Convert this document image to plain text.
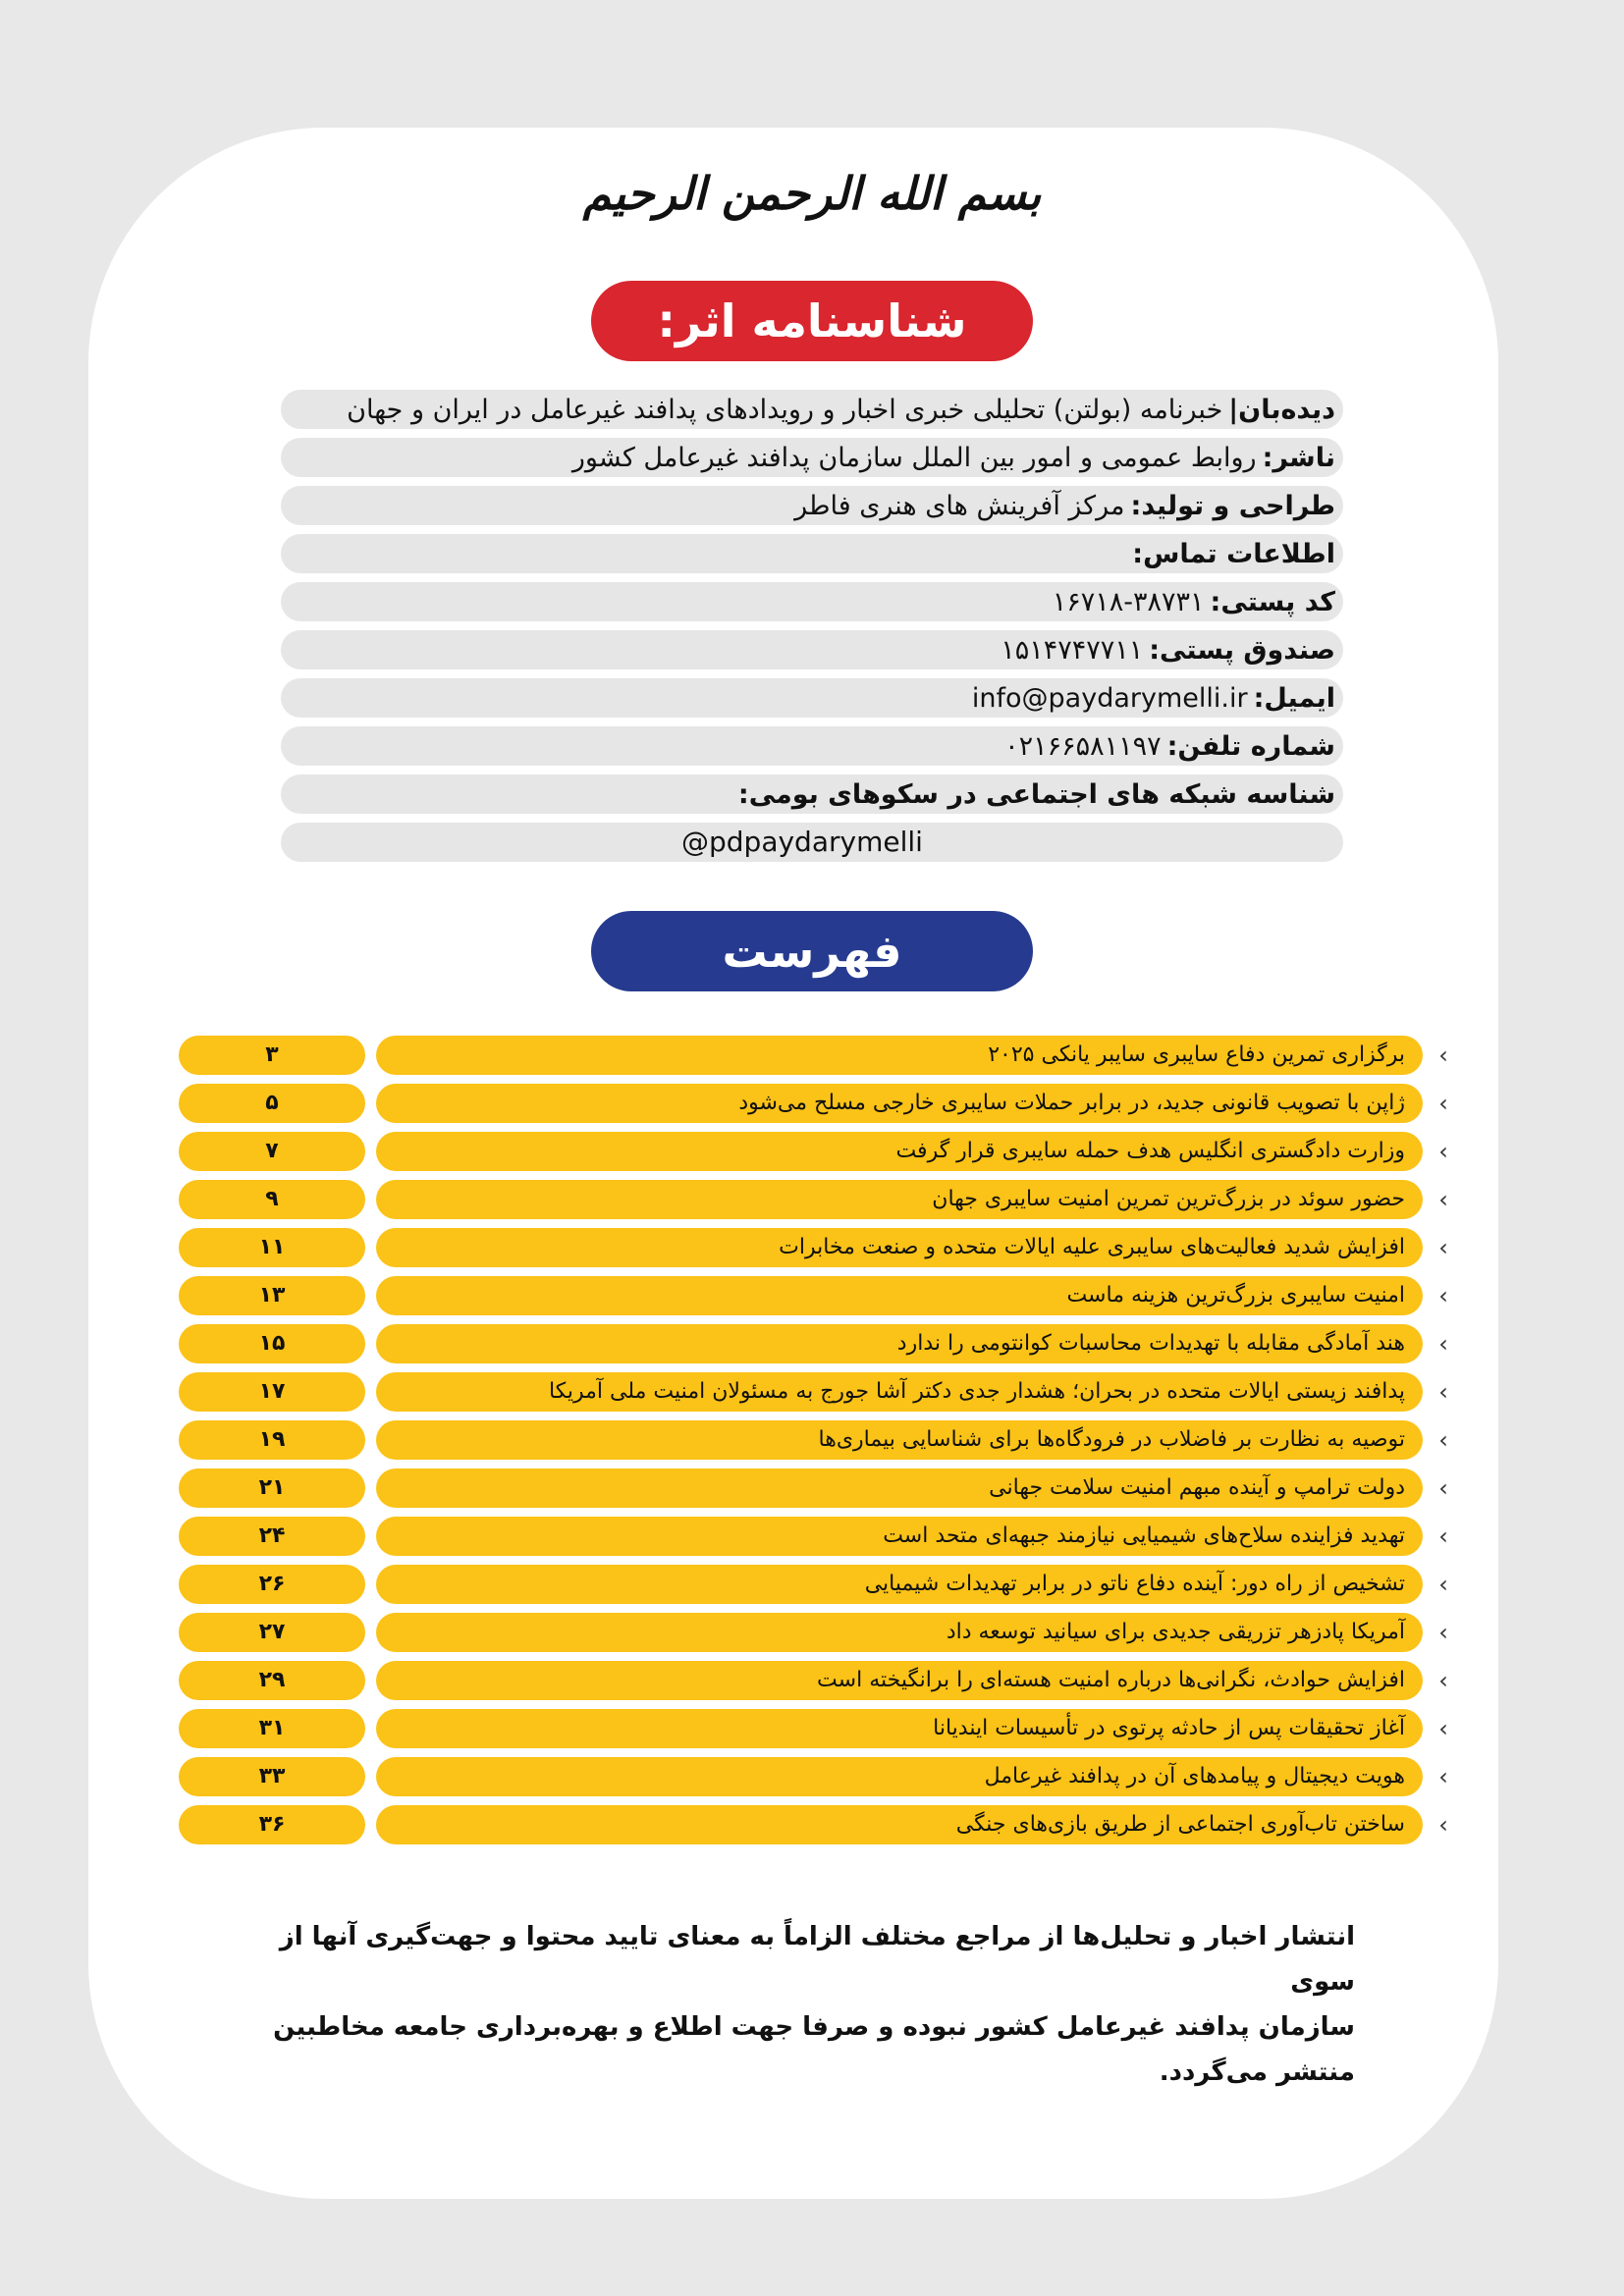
بسم الله الرحمن الرحیم
شناسنامه اثر:
دیده‌بان|
خبرنامه (بولتن) تحلیلی خبری اخبار و رویدادهای پدافند غیرعامل در ایران و جهان
ناشر:
روابط عمومی و امور بین الملل سازمان پدافند غیرعامل کشور
طراحی و تولید:
مرکز آفرینش های هنری فاطر
اطلاعات تماس:
کد پستی:
۱۶۷۱۸-۳۸۷۳۱
صندوق پستی:
۱۵۱۴۷۴۷۷۱۱
ایمیل:
info@paydarymelli.ir
شماره تلفن:
۰۲۱۶۶۵۸۱۱۹۷
شناسه شبکه های اجتماعی در سکوهای بومی:
@pdpaydarymelli
فهرست
›
برگزاری تمرین دفاع سایبری سایبر یانکی ۲۰۲۵
۳
›
ژاپن با تصویب قانونی جدید، در برابر حملات سایبری خارجی مسلح می‌شود
۵
›
وزارت دادگستری انگلیس هدف حمله سایبری قرار گرفت
۷
›
حضور سوئد در بزرگ‌ترین تمرین امنیت سایبری جهان
۹
›
افزایش شدید فعالیت‌های سایبری علیه ایالات متحده و صنعت مخابرات
۱۱
›
امنیت سایبری بزرگ‌ترین هزینه ماست
۱۳
›
هند آمادگی مقابله با تهدیدات محاسبات کوانتومی را ندارد
۱۵
›
پدافند زیستی ایالات متحده در بحران؛ هشدار جدی دکتر آشا جورج به مسئولان امنیت ملی آمریکا
۱۷
›
توصیه به نظارت بر فاضلاب در فرودگاه‌ها برای شناسایی بیماری‌ها
۱۹
›
دولت ترامپ و آینده مبهم امنیت سلامت جهانی
۲۱
›
تهدید فزاینده سلاح‌های شیمیایی نیازمند جبهه‌ای متحد است
۲۴
›
تشخیص از راه دور: آینده دفاع ناتو در برابر تهدیدات شیمیایی
۲۶
›
آمریکا پادزهر تزریقی جدیدی برای سیانید توسعه داد
۲۷
›
افزایش حوادث، نگرانی‌ها درباره امنیت هسته‌ای را برانگیخته است
۲۹
›
آغاز تحقیقات پس از حادثه پرتوی در تأسیسات ایندیانا
۳۱
›
هویت دیجیتال و پیامدهای آن در پدافند غیرعامل
۳۳
›
ساختن تاب‌آوری اجتماعی از طریق بازی‌های جنگی
۳۶
انتشار اخبار و تحلیل‌ها از مراجع مختلف الزاماً به معنای تایید محتوا و جهت‌گیری آنها از سوی
سازمان پدافند غیرعامل کشور نبوده و صرفا جهت اطلاع و بهره‌برداری جامعه مخاطبین منتشر می‌گردد.
